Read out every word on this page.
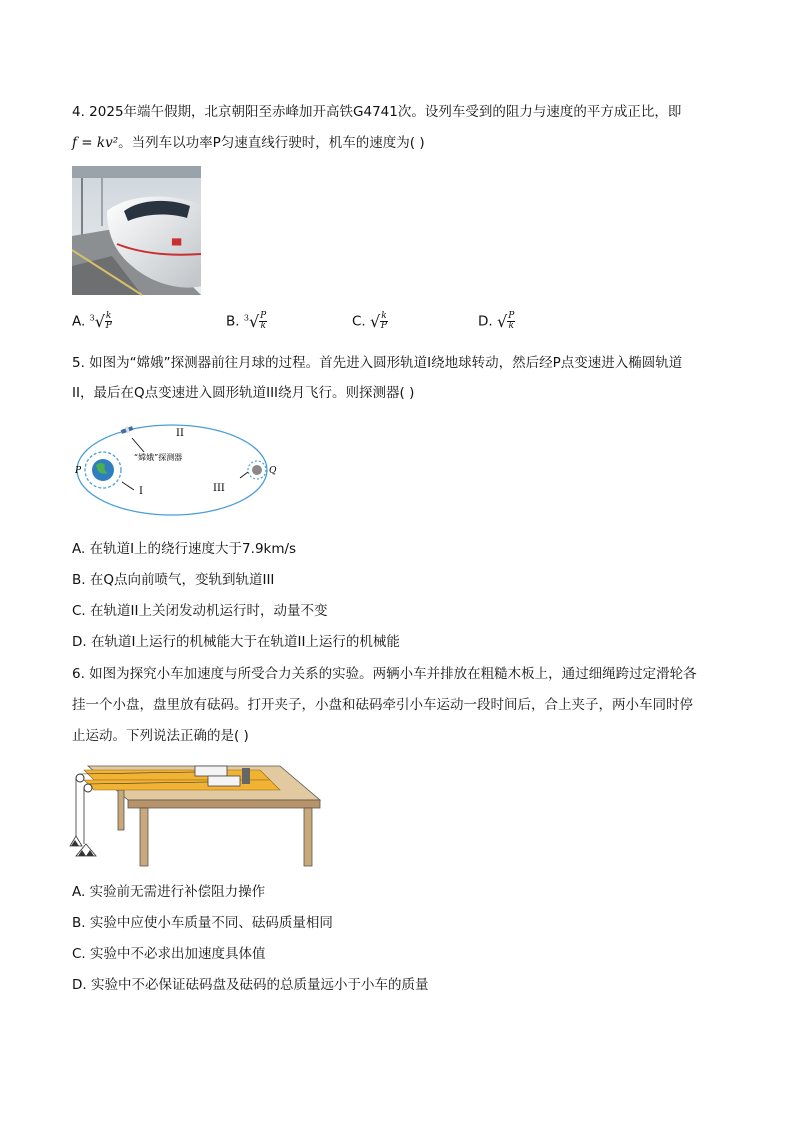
4. 2025年端午假期，北京朝阳至赤峰加开高铁G4741次。设列车受到的阻力与速度的平方成正比，即
f = kv²。当列车以功率P匀速直线行驶时，机车的速度为( )
██
A. $^3√ \frac{k}{P}$	B. $^3√ \frac{P}{k}$	C. √ $\frac{k}{P}$	D. √ $\frac{P}{k}$
5. 如图为“嫦娥”探测器前往月球的过程。首先进入圆形轨道I绕地球转动，然后经P点变速进入椭圆轨道
II，最后在Q点变速进入圆形轨道III绕月飞行。则探测器( )
II
“嫦娥”探测器
P	Q
I	III
A. 在轨道I上的绕行速度大于7.9km/s
B. 在Q点向前喷气，变轨到轨道III
C. 在轨道II上关闭发动机运行时，动量不变
D. 在轨道I上运行的机械能大于在轨道II上运行的机械能
6. 如图为探究小车加速度与所受合力关系的实验。两辆小车并排放在粗糙木板上，通过细绳跨过定滑轮各
挂一个小盘，盘里放有砝码。打开夹子，小盘和砝码牵引小车运动一段时间后，合上夹子，两小车同时停
止运动。下列说法正确的是( )
A. 实验前无需进行补偿阻力操作
B. 实验中应使小车质量不同、砝码质量相同
C. 实验中不必求出加速度具体值
D. 实验中不必保证砝码盘及砝码的总质量远小于小车的质量
